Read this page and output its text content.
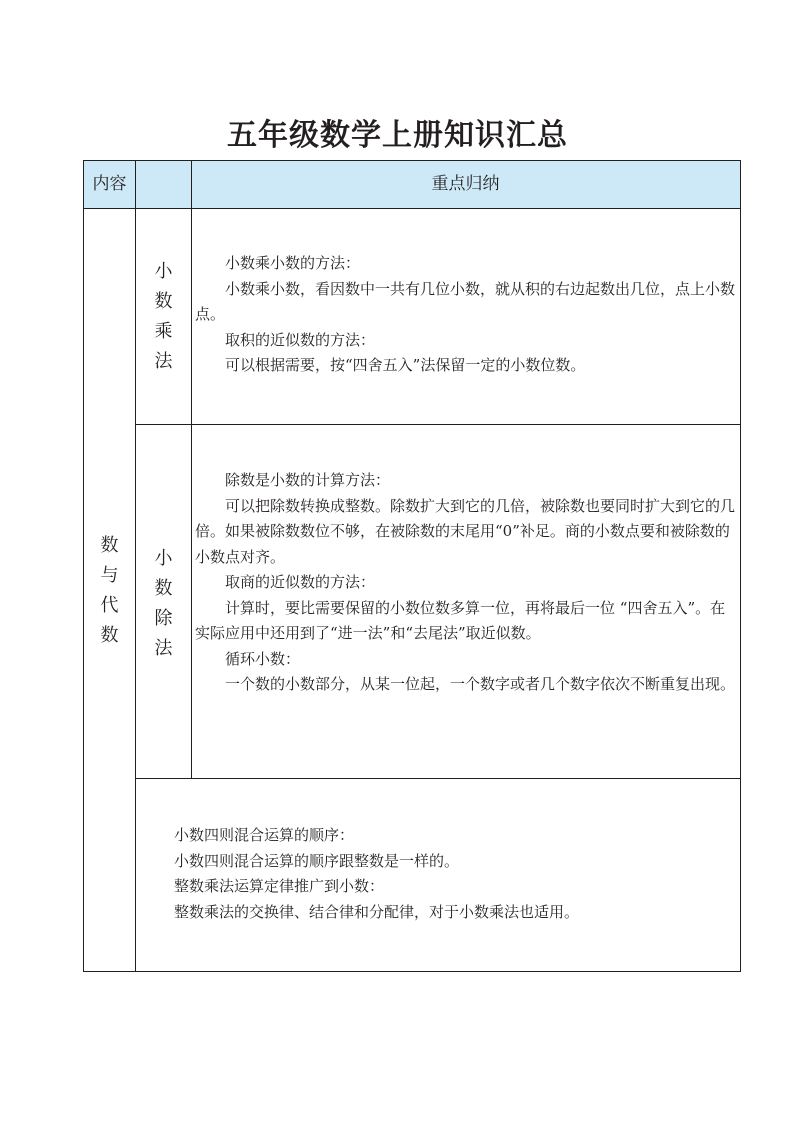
五年级数学上册知识汇总
内容	重点归纳
数
与
代
数
小
数
乘
法

小数乘小数的方法：

小数乘小数，看因数中一共有几位小数，就从积的右边起数出几位，点上小数点。

取积的近似数的方法：

可以根据需要，按“四舍五入”法保留一定的小数位数。

小
数
除
法

除数是小数的计算方法：

可以把除数转换成整数。除数扩大到它的几倍，被除数也要同时扩大到它的几倍。如果被除数数位不够，在被除数的末尾用“0”补足。商的小数点要和被除数的小数点对齐。

取商的近似数的方法：

计算时，要比需要保留的小数位数多算一位，再将最后一位 “四舍五入”。在实际应用中还用到了“进一法”和“去尾法”取近似数。

循环小数：

一个数的小数部分，从某一位起，一个数字或者几个数字依次不断重复出现。

小数四则混合运算的顺序：

小数四则混合运算的顺序跟整数是一样的。

整数乘法运算定律推广到小数：

整数乘法的交换律、结合律和分配律，对于小数乘法也适用。
